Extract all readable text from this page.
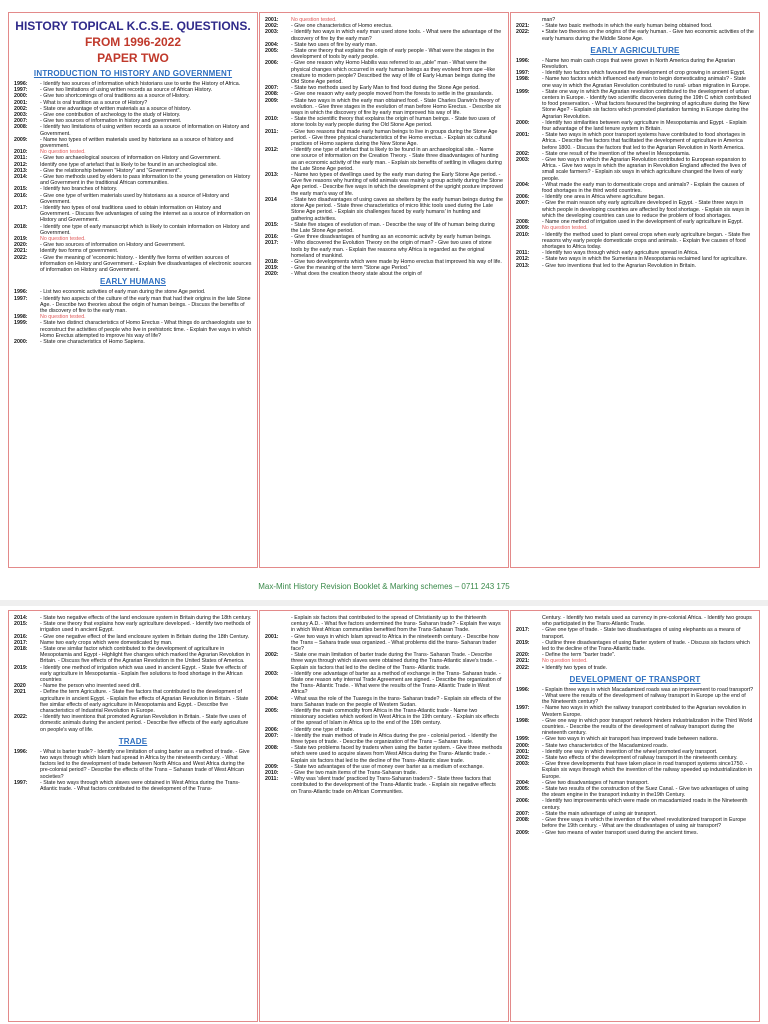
HISTORY TOPICAL K.C.S.E. QUESTIONS.
FROM 1996-2022
PAPER TWO
INTRODUCTION TO HISTORY AND GOVERNMENT
1996:	- Identify two sources of information which historians use to write the History of Africa.
1997:	- Give two limitations of using written records as source of African History.
2000:	- Give two shortcomings of oral traditions as a source of History.
2001:	- What is oral tradition as a source of History?
2002:	- State one advantage of written materials as a source of history.
2003:	- Give one contribution of archeology to the study of History.
2007:	- Give two sources of information in history and government.
2008:	- Identify two limitations of using written records as a source of information on History and Government.
2009:	- Name two types of written materials used by historians as a source of history and government.
2010:	No question tested.
2011:	- Give two archaeological sources of information on History and Government.
2012:	Identify one type of artefact that is likely to be found in an archeological site.
2013:	- Give the relationship between "History" and "Government".
2014:	- Give two methods used by elders to pass information to the young generation on History and Government in the traditional African communities.
2015:	- Identify two branches of history.
2016:	- Give one type of written materials used by historians as a source of History and Government.
2017:	- Identify two types of oral traditions used to obtain information on History and Government. - Discuss five advantages of using the internet as a source of information on History and Government.
2018:	- Identify one type of early manuscript which is likely to contain information on History and Government.
2019:	No question tested.
2020:	- Give two sources of information on History and Government.
2021:	Identify two forms of government.
2022:	- Give the meaning of 'economic history. - Identify five forms of written sources of information on History and Government. - Explain five disadvantages of electronic sources of information on History and Government.
EARLY HUMANS
1996:	- List two economic activities of early man during the stone Age period.
1997:	- Identify two aspects of the culture of the early man that had their origins in the late Stone Age. - Describe two theories about the origin of human beings. - Discuss the benefits of the discovery of fire to the early man.
1998:	No question tested.
1999:	- State two distinct characteristics of Homo Erectus - What things do archaeologists use to reconstruct the activities of people who live in prehistoric time. - Explain five ways in which Homo Erectus attempted to improve his way of life?
2000:	- State one characteristics of Homo Sapiens.
2001:	No question tested.
2002:	- Give one characteristics of Homo erectus.
2003:	- Identify two ways in which early man used stone tools. - What were the advantage of the discovery of fire by the early man?
2004:	- State two uses of fire by early man.
2005:	- State one theory that explains the origin of early people - What were the stages in the development of tools by early people.
2006:	- Give one reason why Homo Habilis was referred to as „able" man - What were the physical changes which occurred in early human beings as they evolved from ape –like creature to modern people? Described the way of life of Early Human beings during the Old Stone Age period.
2007:	- State two methods used by Early Man to find food during the Stone Age period.
2008:	- Give one reason why early people moved from the forests to settle in the grasslands.
2009:	- State two ways in which the early man obtained food. - State Charles Darwin's theory of evolution. - Give three stages in the evolution of man before Homo Erectus. - Describe six ways in which the discovery of fire by early man improved his way of life.
2010:	- State the scientific theory that explains the origin of human beings. - State two uses of stone tools by early people during the Old Stone Age period.
2011:	- Give two reasons that made early human beings to live in groups during the Stone Age period. - Give three physical characteristics of the Homo erectus. - Explain six cultural practices of Homo sapiens during the New Stone Age.
2012:	- Identify one type of artefact that is likely to be found in an archaeological site. - Name one source of information on the Creation Theory. - State three disadvantages of hunting as an economic activity of the early man. - Explain six benefits of settling in villages during the Late Stone Age period.
2013:	- Name two types of dwellings used by the early man during the Early Stone Age period. - Give five reasons why hunting of wild animals was mainly a group activity during the Stone Age period. - Describe five ways in which the development of the upright posture improved the early man's way of life.
2014	- State two disadvantages of using caves as shelters by the early human beings during the stone Age period. - State three characteristics of micro lithic tools used during the Late Stone Age period. - Explain six challenges faced by early humans' in hunting and gathering activities.
2015:	- State five stages of evolution of man. - Describe the way of life of human being during the Late Stone Age period.
2016:	- Give three disadvantages of hunting as an economic activity by early human beings.
2017:	- Who discovered the Evolution Theory on the origin of man? - Give two uses of stone tools by the early man. - Explain five reasons why Africa is regarded as the original homeland of mankind.
2018:	- Give two developments which were made by Homo erectus that improved his way of life.
2019:	- Give the meaning of the term "Stone age Period."
2020:	- What does the creation theory state about the origin of
man?
2021:	- State two basic methods in which the early human being obtained food.
2022:	• State two theories on the origins of the early human. - Give two economic activities of the early humans during the Middle Stone Age.
EARLY AGRICULTURE
1996:	- Name two main cash crops that were grown in North America during the Agrarian Revolution.
1997:	- Identify two factors which favoured the development of crop growing in ancient Egypt.
1998:	- Name two factors which influenced early man to begin domesticating animals? - State one way in which the Agrarian Revolution contributed to rural- urban migration in Europe.
1999:	- State one way in which the Agrarian revolution contributed to the development of urban centers in Europe. - Identify two scientific discoveries during the 19th C which contributed to food preservation. - What factors favoured the beginning of agriculture during the New Stone Age? - Explain six factors which promoted plantation farming in Europe during the Agrarian Revolution.
2000:	- Identify two similarities between early agriculture in Mesopotamia and Egypt. - Explain four advantage of the land tenure system in Britain.
2001:	- State two ways in which poor transport systems have contributed to food shortages in Africa. - Describe five factors that facilitated the development of agriculture in America before 1800. - Discuss the factors that led to the Agrarian Revolution in North America.
2002:	- State one result of the invention of the wheel in Mesopotamia.
2003:	- Give two ways in which the Agrarian Revolution contributed to European expansion to Africa. - Give two ways in which the agrarian in Revolution England affected the lives of small scale farmers? - Explain six ways in which agriculture changed the lives of early people.
2004:	- What made the early man to domesticate crops and animals? - Explain the causes of food shortages in the third world countries.
2006:	- Identify one area in Africa where agriculture began.
2007:	- Give the main reason why early agriculture developed in Egypt. - State three ways in which people in developing countries are affected by food shortage. - Explain six ways in which the developing countries can use to reduce the problem of food shortages.
2008:	- Name one method of irrigation used in the development of early agriculture in Egypt.
2009:	No question tested.
2010:	- Identify the method used to plant cereal crops when early agriculture began. - State five reasons why early people domesticate crops and animals. - Explain five causes of food shortages to Africa today.
2011:	- Identify two ways through which early agriculture spread in Africa.
2012:	- State two ways in which the Sumerians in Mesopotamia reclaimed land for agriculture.
2013:	- Give two inventions that led to the Agrarian Revolution in Britain.
Max-Mint History Revision Booklet & Marking schemes – 0711 243 175
2014:	- State two negative effects of the land enclosure system in Britain during the 18th century.
2015:	- State one theory that explains how early agriculture developed. - Identify two methods of irrigation used in ancient Egypt.
2016:	- Give one negative effect of the land enclosure system in Britain during the 18th Century.
2017:	Name two early crops which were domesticated by man.
2018:	- State one similar factor which contributed to the development of agriculture in Mesopotamia and Egypt - Highlight five changes which marked the Agrarian Revolution in Britain. - Discuss five effects of the Agrarian Revolution in the United States of America.
2019:	- Identify one method of irrigation which was used in ancient Egypt. - State five effects of early agriculture in Mesopotamia - Explain five solutions to food shortage in the African countries
2020	- Name the person who invented seed drill.
2021	- Define the term Agriculture. - State five factors that contributed to the development of agriculture in ancient Egypt. - Explain five effects of Agrarian Revolution in Britain. - State five similar effects of early agriculture in Mesopotamia and Egypt. - Describe five characteristics of Industrial Revolution in Europe.
2022:	- Identify two inventions that promoted Agrarian Revolution in Britain. - State five uses of domestic animals during the ancient period. - Describe five effects of the early agriculture on people's way of life.
TRADE
1996:	- What is barter trade? - Identify one limitation of using barter as a method of trade. - Give two ways through which Islam had spread in Africa by the nineteenth century. - What factors led to the development of trade between North Africa and West Africa during the pre-colonial period? - Describe the effects of the Trans – Saharan trade of West African societies?
1997:	- State two ways through which slaves were obtained in West Africa during the Trans- Atlantic trade. - What factors contributed to the development of the Trans-
- Explain six factors that contributed to the spread of Christianity up to the thirteenth century A.D. - What five factors undermined the trans- Saharan trade? - Explain five ways in which West African communities benefited from the Trans-Saharan Trade.
2001:	- Give two ways in which Islam spread to Africa in the nineteenth century. - Describe how the Trans – Sahara trade was organized. - What problems did the trans- Saharan trader face?
2002:	- State one main limitation of barter trade during the Trans- Saharan Trade. - Describe three ways through which slaves were obtained during the Trans-Atlantic slave's trade. - Explain six factors that led to the decline of the Trans- Atlantic trade.
2003:	- Identify one advantage of barter as a method of exchange in the Trans- Saharan trade. - State one reason why internal Trade Agreement are signed. - Describe the organization of the Trans- Atlantic Trade. - What were the results of the Trans- Atlantic Trade in West Africa?
2004:	- What was the role of the Tuaregs in the trans- Saharan trade? - Explain six effects of the trans Saharan trade on the people of Western Sudan.
2005:	- Identify the main commodity from Africa in the Trans-Atlantic trade - Name two missionary societies which worked in West Africa in the 19th century. - Explain six effects of the spread of Islam in Africa up to the end of the 19th century.
2006:	- Identify one type of trade.
2007:	- Identify the main method of trade in Africa during the pre - colonial period. - Identify the three types of trade. - Describe the organization of the Trans – Saharan trade.
2008:	- State two problems faced by traders when using the barter system. - Give three methods which were used to acquire slaves from West Africa during the Trans- Atlantic trade. - Explain six factors that led to the decline of the Trans- Atlantic slave trade.
2009:	- State two advantages of the use of money over barter as a medium of exchange.
2010:	- Give the two main items of the Trans-Saharan trade.
2011:	- Why was 'silent trade' practiced by Trans-Saharan traders? - State three factors that contributed to the development of the Trans-Atlantic trade. - Explain six negative effects on Trans-Atlantic trade on African Communities.
Century. - Identify two metals used as currency in pre-colonial Africa. - Identify two groups who participated in the Trans-Atlantic Trade.
2017:	- Give one type of trade. - State two disadvantages of using elephants as a means of transport.
2019:	- Outline three disadvantages of using Barter system of trade. - Discuss six factors which led to the decline of the Trans-Atlantic trade.
2020:	- Define the term "barter trade".
2021:	No question tested.
2022:	• Identify two types of trade.
DEVELOPMENT OF TRANSPORT
1996:	- Explain three ways in which Macadamized roads was an improvement to road transport? - What were the results of the development of railway transport in Europe up the end of the Nineteenth century?
1997:	- Name two ways in which the railway transport contributed to the Agrarian revolution in Western Europe.
1998:	- Give one way in which poor transport network hinders industrialization in the Third World countries. - Describe the results of the development of railway transport during the nineteenth century.
1999:	- Give two ways in which air transport has improved trade between nations.
2000:	- State two characteristics of the Macadamized roads.
2001:	- Identify one way in which invention of the wheel promoted early transport.
2002:	- State two effects of the development of railway transport in the nineteenth century.
2003:	- Give three developments that have taken place in road transport systems since1750. - Explain six ways through which the invention of the railway speeded up industrialization in Europe.
2004:	- Give two disadvantages of human transport.
2005:	- State two results of the construction of the Suez Canal. - Give two advantages of using the steam engine in the transport industry in the19th Century.
2006:	- Identify two improvements which were made on macadamized roads in the Nineteenth century.
2007:	- State the main advantage of using air transport.
2008:	- Give three ways in which the invention of the wheel revolutionized transport in Europe before the 19th century. - What are the disadvantages of using air transport?
2009:	- Give two means of water transport used during the ancient times.
